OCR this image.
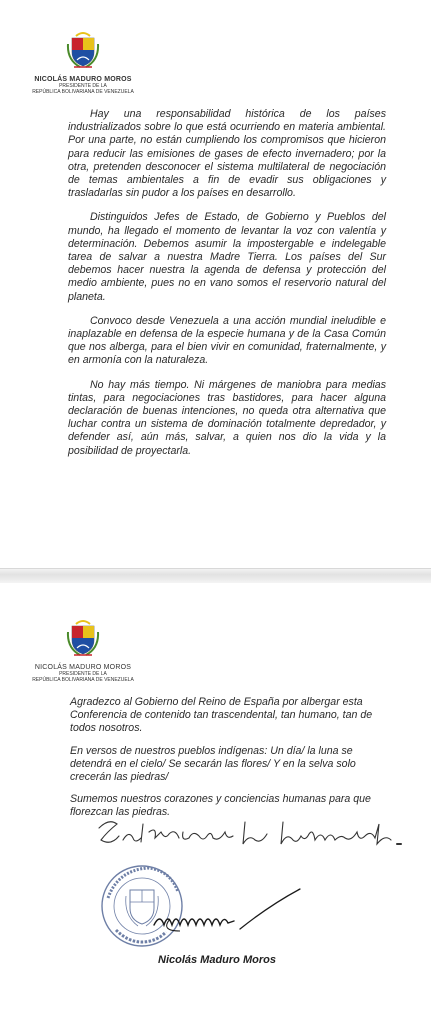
NICOLÁS MADURO MOROS
PRESIDENTE DE LA
REPÚBLICA BOLIVARIANA DE VENEZUELA

Hay una responsabilidad histórica de los países industrializados sobre lo que está ocurriendo en materia ambiental. Por una parte, no están cumpliendo los compromisos que hicieron para reducir las emisiones de gases de efecto invernadero; por la otra, pretenden desconocer el sistema multilateral de negociación de temas ambientales a fin de evadir sus obligaciones y trasladarlas sin pudor a los países en desarrollo.

Distinguidos Jefes de Estado, de Gobierno y Pueblos del mundo, ha llegado el momento de levantar la voz con valentía y determinación. Debemos asumir la impostergable e indelegable tarea de salvar a nuestra Madre Tierra. Los países del Sur debemos hacer nuestra la agenda de defensa y protección del medio ambiente, pues no en vano somos el reservorio natural del planeta.

Convoco desde Venezuela a una acción mundial ineludible e inaplazable en defensa de la especie humana y de la Casa Común que nos alberga, para el bien vivir en comunidad, fraternalmente, y en armonía con la naturaleza.

No hay más tiempo. Ni márgenes de maniobra para medias tintas, para negociaciones tras bastidores, para hacer alguna declaración de buenas intenciones, no queda otra alternativa que luchar contra un sistema de dominación totalmente depredador, y defender así, aún más, salvar, a quien nos dio la vida y la posibilidad de proyectarla.

NICOLÁS MADURO MOROS
PRESIDENTE DE LA
REPÚBLICA BOLIVARIANA DE VENEZUELA

Agradezco al Gobierno del Reino de España por albergar esta Conferencia de contenido tan trascendental, tan humano, tan de todos nosotros.

En versos de nuestros pueblos indígenas: Un día/ la luna se detendrá en el cielo/ Se secarán las flores/ Y en la selva solo crecerán las piedras/

Sumemos nuestros corazones y conciencias humanas para que florezcan las piedras.

Nicolás Maduro Moros
